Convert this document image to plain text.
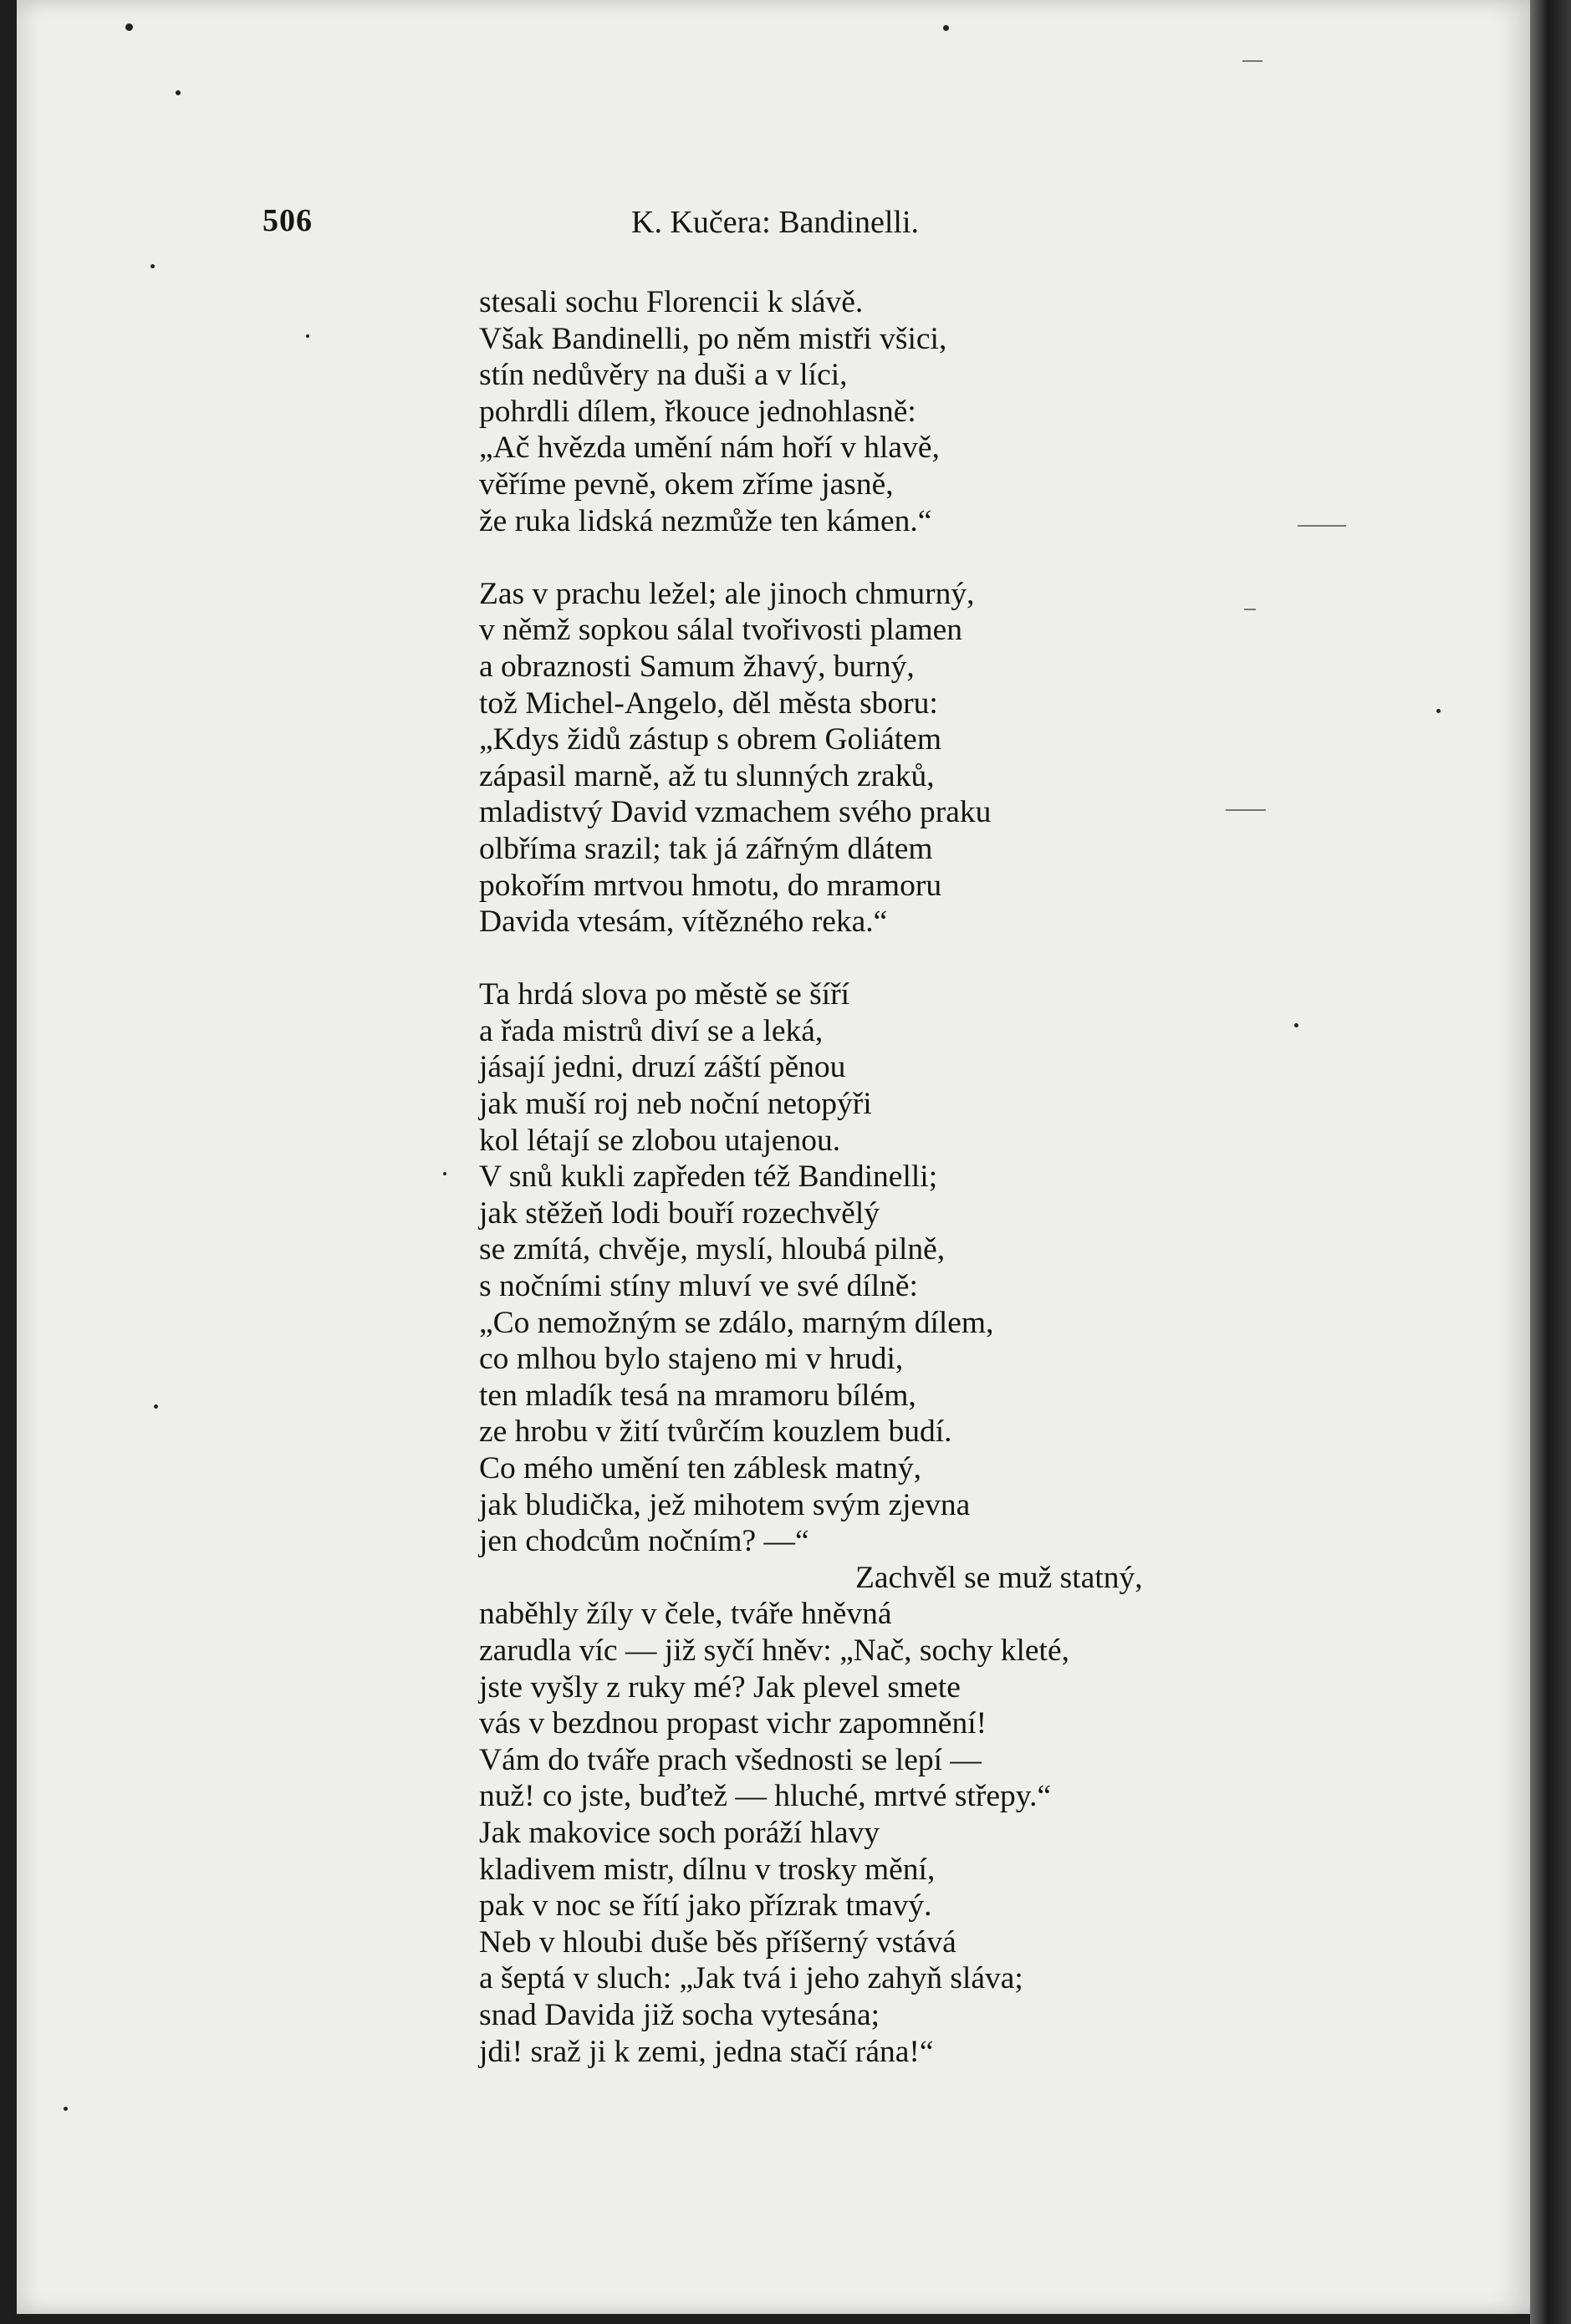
506	K. Kučera: Bandinelli.
stesali sochu Florencii k slávě.
Však Bandinelli, po něm mistři všici,
stín nedůvěry na duši a v líci,
pohrdli dílem, řkouce jednohlasně:
„Ač hvězda umění nám hoří v hlavě,
věříme pevně, okem zříme jasně,
že ruka lidská nezmůže ten kámen.“
Zas v prachu ležel; ale jinoch chmurný,
v němž sopkou sálal tvořivosti plamen
a obraznosti Samum žhavý, burný,
tož Michel-Angelo, děl města sboru:
„Kdys židů zástup s obrem Goliátem
zápasil marně, až tu slunných zraků,
mladistvý David vzmachem svého praku
olbříma srazil; tak já zářným dlátem
pokořím mrtvou hmotu, do mramoru
Davida vtesám, vítězného reka.“
Ta hrdá slova po městě se šíří
a řada mistrů diví se a leká,
jásají jedni, druzí záští pěnou
jak muší roj neb noční netopýři
kol létají se zlobou utajenou.
V snů kukli zapředen též Bandinelli;
jak stěžeň lodi bouří rozechvělý
se zmítá, chvěje, myslí, hloubá pilně,
s nočními stíny mluví ve své dílně:
„Co nemožným se zdálo, marným dílem,
co mlhou bylo stajeno mi v hrudi,
ten mladík tesá na mramoru bílém,
ze hrobu v žití tvůrčím kouzlem budí.
Co mého umění ten záblesk matný,
jak bludička, jež mihotem svým zjevna
jen chodcům nočním? —“
Zachvěl se muž statný,
naběhly žíly v čele, tváře hněvná
zarudla víc — již syčí hněv: „Nač, sochy kleté,
jste vyšly z ruky mé? Jak plevel smete
vás v bezdnou propast vichr zapomnění!
Vám do tváře prach všednosti se lepí —
nuž! co jste, buďtež — hluché, mrtvé střepy.“
Jak makovice soch poráží hlavy
kladivem mistr, dílnu v trosky mění,
pak v noc se řítí jako přízrak tmavý.
Neb v hloubi duše běs příšerný vstává
a šeptá v sluch: „Jak tvá i jeho zahyň sláva;
snad Davida již socha vytesána;
jdi! sraž ji k zemi, jedna stačí rána!“
